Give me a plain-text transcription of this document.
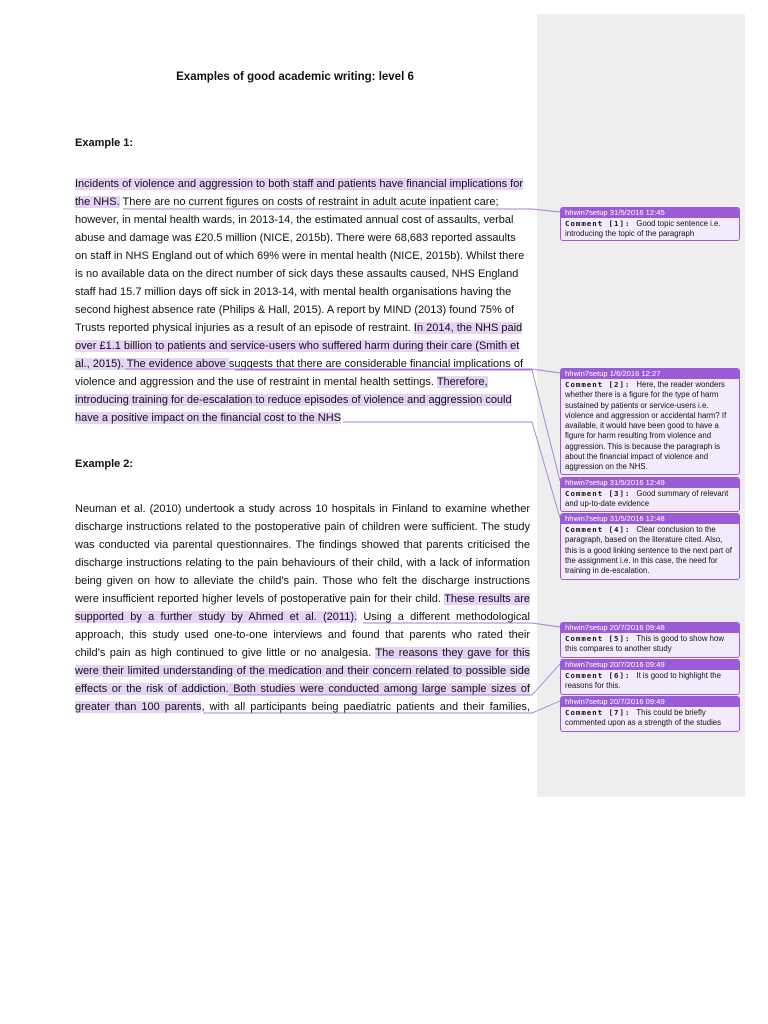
Examples of good academic writing: level 6
Example 1:
Incidents of violence and aggression to both staff and patients have financial implications for
the NHS. There are no current figures on costs of restraint in adult acute inpatient care;
however, in mental health wards, in 2013-14, the estimated annual cost of assaults, verbal
abuse and damage was £20.5 million (NICE, 2015b). There were 68,683 reported assaults
on staff in NHS England out of which 69% were in mental health (NICE, 2015b). Whilst there
is no available data on the direct number of sick days these assaults caused, NHS England
staff had 15.7 million days off sick in 2013-14, with mental health organisations having the
second highest absence rate (Philips & Hall, 2015). A report by MIND (2013) found 75% of
Trusts reported physical injuries as a result of an episode of restraint. In 2014, the NHS paid
over £1.1 billion to patients and service-users who suffered harm during their care (Smith et
al., 2015). The evidence above suggests that there are considerable financial implications of
violence and aggression and the use of restraint in mental health settings. Therefore,
introducing training for de-escalation to reduce episodes of violence and aggression could
have a positive impact on the financial cost to the NHS
Example 2:
Neuman et al. (2010) undertook a study across 10 hospitals in Finland to examine whether
discharge instructions related to the postoperative pain of children were sufficient. The study
was conducted via parental questionnaires. The findings showed that parents criticised the
discharge instructions relating to the pain behaviours of their child, with a lack of information
being given on how to alleviate the child’s pain. Those who felt the discharge instructions
were insufficient reported higher levels of postoperative pain for their child. These results are
supported by a further study by Ahmed et al. (2011). Using a different methodological
approach, this study used one-to-one interviews and found that parents who rated their
child’s pain as high continued to give little or no analgesia. The reasons they gave for this
were their limited understanding of the medication and their concern related to possible side
effects or the risk of addiction. Both studies were conducted among large sample sizes of
greater than 100 parents, with all participants being paediatric patients and their families,
hhwin7setup 31/5/2016 12:45
Comment [1]: Good topic sentence i.e. introducing the topic of the paragraph
hhwin7setup 1/6/2016 12:27
Comment [2]: Here, the reader wonders whether there is a figure for the type of harm sustained by patients or service-users i.e. violence and aggression or accidental harm? If available, it would have been good to have a figure for harm resulting from violence and aggression. This is because the paragraph is about the financial impact of violence and aggression on the NHS.
hhwin7setup 31/5/2016 12:49
Comment [3]: Good summary of relevant and up-to-date evidence
hhwin7setup 31/5/2016 12:48
Comment [4]: Clear conclusion to the paragraph, based on the literature cited. Also, this is a good linking sentence to the next part of the assignment i.e. in this case, the need for training in de-escalation.
hhwin7setup 20/7/2016 09:48
Comment [5]: This is good to show how this compares to another study
hhwin7setup 20/7/2016 09:49
Comment [6]: It is good to highlight the reasons for this.
hhwin7setup 20/7/2016 09:49
Comment [7]: This could be briefly commented upon as a strength of the studies
